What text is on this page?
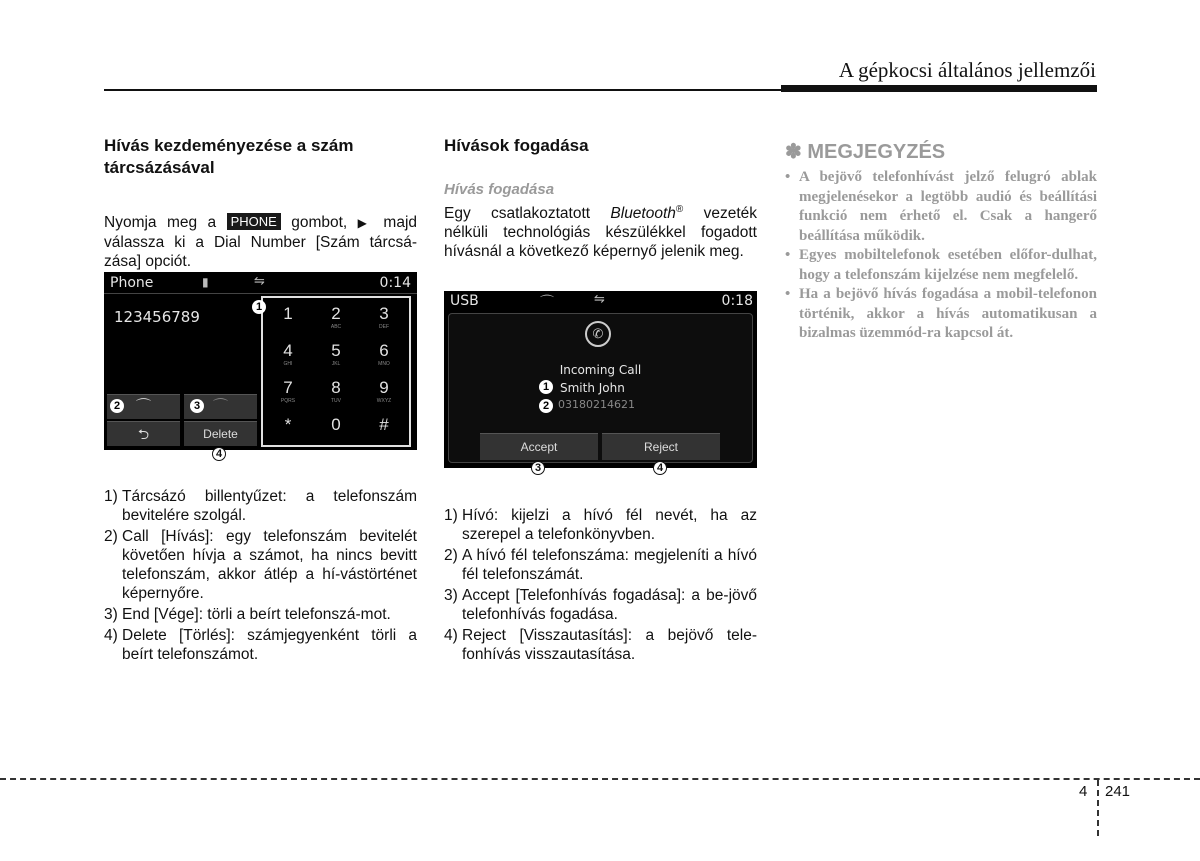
A gépkocsi általános jellemzői
Hívás kezdeményezése a szám tárcsázásával

Nyomja meg a PHONE gombot, ▶ majd válassza ki a Dial Number [Szám tárcsá-zása] opciót.

Phone	▮	⇋	0:14
123456789	1	2
ABC
3
DEF
4
GHI
5
JKL
6
MNO
7
PQRS
8
TUV
9
WXYZ
*	0	#
⌒	⌒
⮌	Delete
1
2	3
4
1) Tárcsázó billentyűzet: a telefonszám bevitelére szolgál.
2) Call [Hívás]: egy telefonszám bevitelét követően hívja a számot, ha nincs bevitt telefonszám, akkor átlép a hí-vástörténet képernyőre.
3) End [Vége]: törli a beírt telefonszá-mot.
4) Delete [Törlés]: számjegyenként törli a beírt telefonszámot.
Hívások fogadása
Hívás fogadása

Egy csatlakoztatott Bluetooth® vezeték nélküli technológiás készülékkel fogadott hívásnál a következő képernyő jelenik meg.

USB	⌒	⇋	0:18
✆
Incoming Call
Smith John
03180214621
1
2
Accept	Reject
3	4
1) Hívó: kijelzi a hívó fél nevét, ha az szerepel a telefonkönyvben.
2) A hívó fél telefonszáma: megjeleníti a hívó fél telefonszámát.
3) Accept [Telefonhívás fogadása]: a be-jövő telefonhívás fogadása.
4) Reject [Visszautasítás]: a bejövő tele-fonhívás visszautasítása.
✽ MEGJEGYZÉS
• A bejövő telefonhívást jelző felugró ablak megjelenésekor a legtöbb audió és beállítási funkció nem érhető el. Csak a hangerő beállítása működik.
• Egyes mobiltelefonok esetében előfor-dulhat, hogy a telefonszám kijelzése nem megfelelő.
• Ha a bejövő hívás fogadása a mobil-telefonon történik, akkor a hívás automatikusan a bizalmas üzemmód-ra kapcsol át.
4 241
